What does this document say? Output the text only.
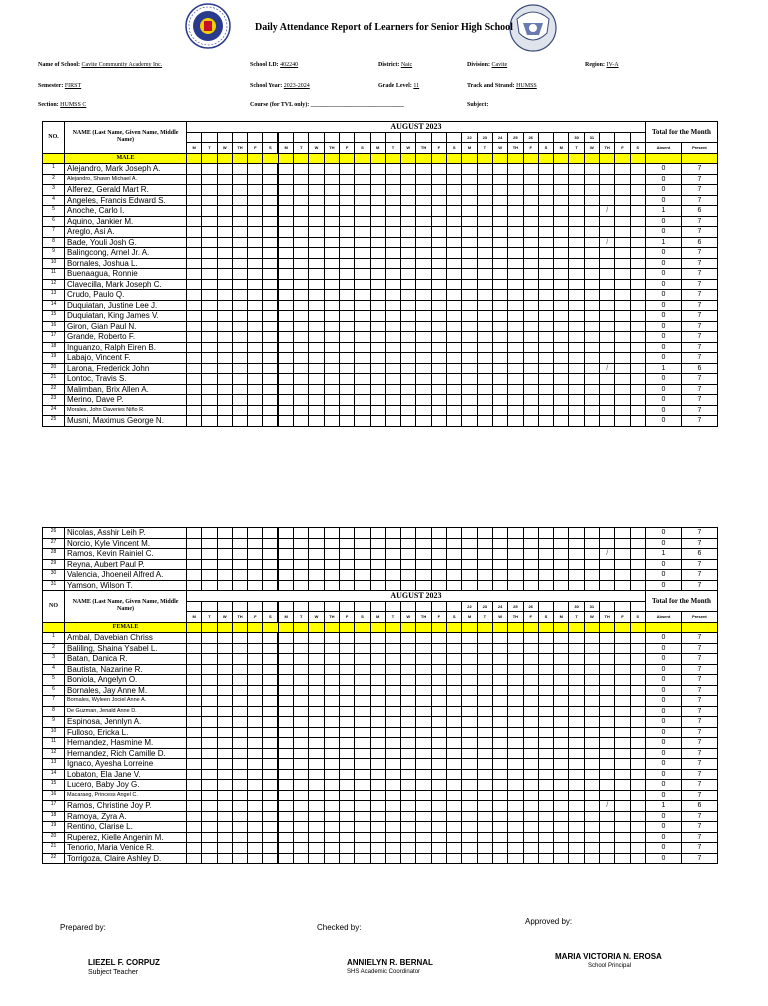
Daily Attendance Report of Learners for Senior High School
Name of School: Cavite Community Academy Inc.	School I.D: 402240	District: Naic	Division: Cavite	Region: IV-A
Semester: FIRST	School Year: 2023-2024	Grade Level: 11	Track and Strand: HUMSS
Section: HUMSS C	Course (for TVL only): _______________________________	Subject:
NO.	NAME (Last Name, Given Name, Middle Name)	AUGUST 2023																														Total for the Month	
																				22	23	24	25	26			30	31					
		M	T	W	TH	F	S	M	T	W	TH	F	S	M	T	W	TH	F	S	M	T	W	TH	F	S	M	T	W	TH	F	S	Absent	Present
	MALE																																
1	Alejandro, Mark Joseph A.																															0	7
2	Alejandro, Shawn Michael A.																															0	7
3	Alferez, Gerald Mart R.																															0	7
4	Angeles, Francis Edward S.																															0	7
5	Anoche, Carlo I.																												/			1	6
6	Aquino, Jankier M.																															0	7
7	Areglo, Asi A.																															0	7
8	Bade, Youli Josh G.																												/			1	6
9	Balingcong, Arnel Jr. A.																															0	7
10	Bornales, Joshua L.																															0	7
11	Buenaagua, Ronnie																															0	7
12	Clavecilla, Mark Joseph C.																															0	7
13	Crudo, Paulo Q.																															0	7
14	Duquiatan, Justine Lee J.																															0	7
15	Duquiatan, King James V.																															0	7
16	Giron, Gian Paul N.																															0	7
17	Grande, Roberto F.																															0	7
18	Inguanzo, Ralph Eiren B.																															0	7
19	Labajo, Vincent F.																															0	7
20	Larona, Frederick John																												/			1	6
21	Lontoc, Travis S.																															0	7
22	Malimban, Brix Allen A.																															0	7
23	Merino, Dave P.																															0	7
24	Morales, John Daveries Niño R.																															0	7
25	Musni, Maximus George N.																															0	7
26	Nicolas, Asshir Leih P.																															0	7
27	Norcio, Kyle Vincent M.																															0	7
28	Ramos, Kevin Rainiel C.																												/			1	6
29	Reyna, Aubert Paul P.																															0	7
30	Valencia, Jhoeneil Alfred A.																															0	7
31	Yamson, Wilson T.																															0	7
NO	NAME (Last Name, Given Name, Middle Name)	AUGUST 2023																														Total for the Month	
																				22	23	24	25	26			30	31					
		M	T	W	TH	F	S	M	T	W	TH	F	S	M	T	W	TH	F	S	M	T	W	TH	F	S	M	T	W	TH	F	S	Absent	Present
	FEMALE																																
1	Ambal, Davebian Chriss																															0	7
2	Baliling, Shaina Ysabel L.																															0	7
3	Batan, Danica R.																															0	7
4	Bautista, Nazarine R.																															0	7
5	Boniola, Angelyn O.																															0	7
6	Bornales, Jay Anne M.																															0	7
7	Bornales, Wyleen Jociel Anne A.																															0	7
8	De Guzman, Jenald Anne D.																															0	7
9	Espinosa, Jennlyn A.																															0	7
10	Fulloso, Ericka L.																															0	7
11	Hernandez, Hasmine M.																															0	7
12	Hernandez, Rich Camille D.																															0	7
13	Ignaco, Ayesha Lorreine																															0	7
14	Lobaton, Ela Jane V.																															0	7
15	Lucero, Baby Joy G.																															0	7
16	Macaraeg, Princess Angel C.																															0	7
17	Ramos, Christine Joy P.																												/			1	6
18	Ramoya, Zyra A.																															0	7
19	Rentino, Clarise L.																															0	7
20	Ruperez, Kielle Angenin M.																															0	7
21	Tenorio, Maria Venice R.																															0	7
22	Torrigoza, Claire Ashley D.																															0	7
Prepared by:
LIEZEL F. CORPUZ
Subject Teacher
Checked by:
ANNIELYN R. BERNAL
SHS Academic Coordinator
Approved by:
MARIA VICTORIA N. EROSA
School Principal
